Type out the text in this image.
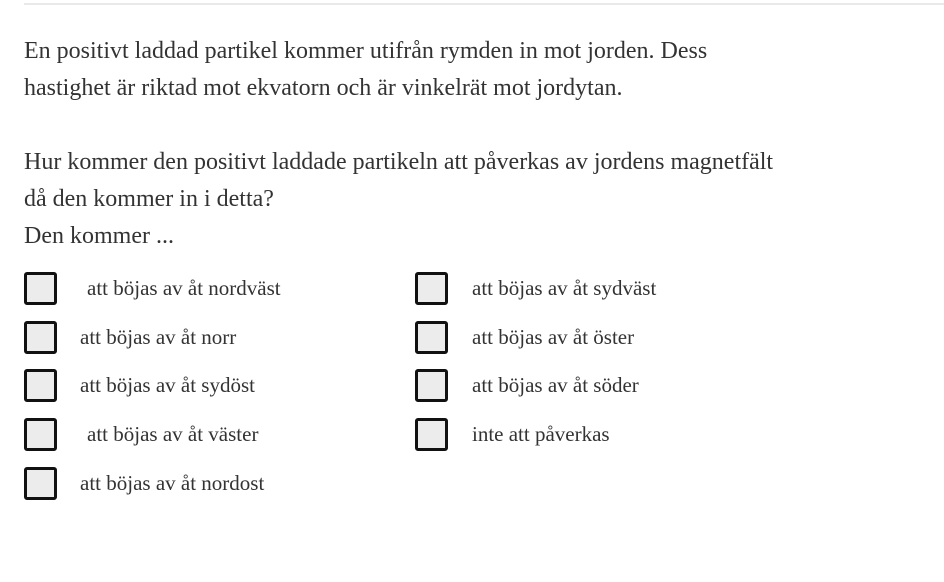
En positivt laddad partikel kommer utifrån rymden in mot jorden. Dess hastighet är riktad mot ekvatorn och är vinkelrät mot jordytan.

Hur kommer den positivt laddade partikeln att påverkas av jordens magnetfält då den kommer in i detta?

Den kommer ...

att böjas av åt nordväst
att böjas av åt norr
att böjas av åt sydöst
att böjas av åt väster
att böjas av åt nordost
att böjas av åt sydväst
att böjas av åt öster
att böjas av åt söder
inte att påverkas
